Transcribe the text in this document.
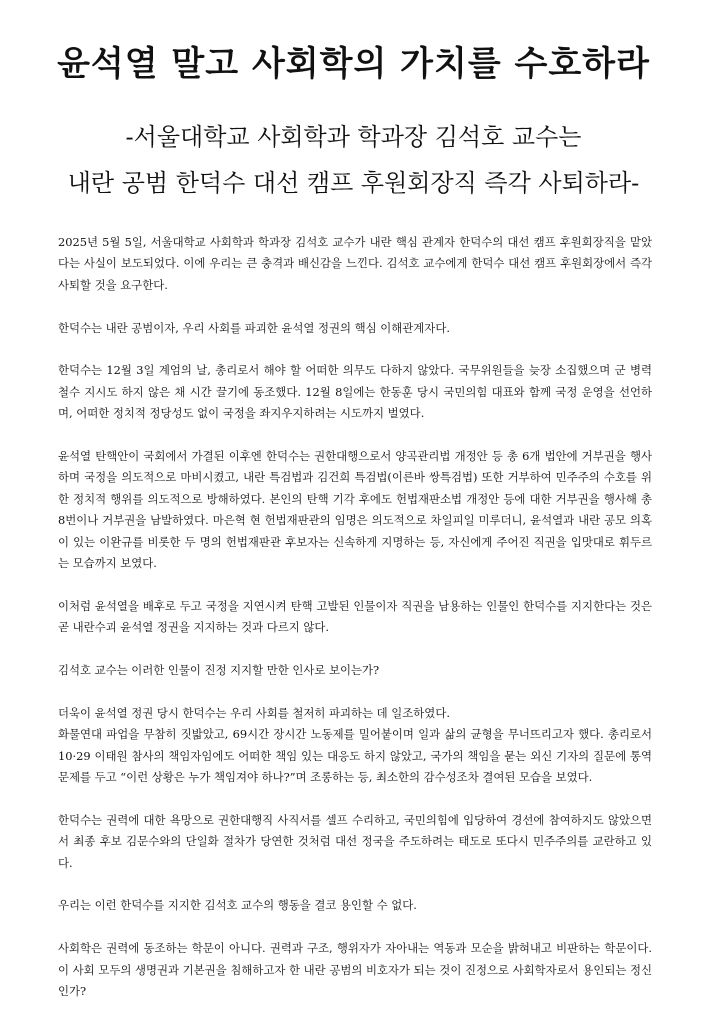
윤석열 말고 사회학의 가치를 수호하라
-서울대학교 사회학과 학과장 김석호 교수는
내란 공범 한덕수 대선 캠프 후원회장직 즉각 사퇴하라-

2025년 5월 5일, 서울대학교 사회학과 학과장 김석호 교수가 내란 핵심 관계자 한덕수의 대선 캠프 후원회장직을 맡았다는 사실이 보도되었다. 이에 우리는 큰 충격과 배신감을 느낀다. 김석호 교수에게 한덕수 대선 캠프 후원회장에서 즉각 사퇴할 것을 요구한다.

한덕수는 내란 공범이자, 우리 사회를 파괴한 윤석열 정권의 핵심 이해관계자다.

한덕수는 12월 3일 계엄의 날, 총리로서 해야 할 어떠한 의무도 다하지 않았다. 국무위원들을 늦장 소집했으며 군 병력 철수 지시도 하지 않은 채 시간 끌기에 동조했다. 12월 8일에는 한동훈 당시 국민의힘 대표와 함께 국정 운영을 선언하며, 어떠한 정치적 정당성도 없이 국정을 좌지우지하려는 시도까지 벌였다.

윤석열 탄핵안이 국회에서 가결된 이후엔 한덕수는 권한대행으로서 양곡관리법 개정안 등 총 6개 법안에 거부권을 행사하며 국정을 의도적으로 마비시켰고, 내란 특검법과 김건희 특검법(이른바 쌍특검법) 또한 거부하여 민주주의 수호를 위한 정치적 행위를 의도적으로 방해하였다. 본인의 탄핵 기각 후에도 헌법재판소법 개정안 등에 대한 거부권을 행사해 총 8번이나 거부권을 남발하였다. 마은혁 현 헌법재판관의 임명은 의도적으로 차일피일 미루더니, 윤석열과 내란 공모 의혹이 있는 이완규를 비롯한 두 명의 헌법재판관 후보자는 신속하게 지명하는 등, 자신에게 주어진 직권을 입맛대로 휘두르는 모습까지 보였다.

이처럼 윤석열을 배후로 두고 국정을 지연시켜 탄핵 고발된 인물이자 직권을 남용하는 인물인 한덕수를 지지한다는 것은 곧 내란수괴 윤석열 정권을 지지하는 것과 다르지 않다.

김석호 교수는 이러한 인물이 진정 지지할 만한 인사로 보이는가?

더욱이 윤석열 정권 당시 한덕수는 우리 사회를 철저히 파괴하는 데 일조하였다.

화물연대 파업을 무참히 짓밟았고, 69시간 장시간 노동제를 밀어붙이며 일과 삶의 균형을 무너뜨리고자 했다. 총리로서 10·29 이태원 참사의 책임자임에도 어떠한 책임 있는 대응도 하지 않았고, 국가의 책임을 묻는 외신 기자의 질문에 통역 문제를 두고 “이런 상황은 누가 책임져야 하나?”며 조롱하는 등, 최소한의 감수성조차 결여된 모습을 보였다.

한덕수는 권력에 대한 욕망으로 권한대행직 사직서를 셀프 수리하고, 국민의힘에 입당하여 경선에 참여하지도 않았으면서 최종 후보 김문수와의 단일화 절차가 당연한 것처럼 대선 정국을 주도하려는 태도로 또다시 민주주의를 교란하고 있다.

우리는 이런 한덕수를 지지한 김석호 교수의 행동을 결코 용인할 수 없다.

사회학은 권력에 동조하는 학문이 아니다. 권력과 구조, 행위자가 자아내는 역동과 모순을 밝혀내고 비판하는 학문이다. 이 사회 모두의 생명권과 기본권을 침해하고자 한 내란 공범의 비호자가 되는 것이 진정으로 사회학자로서 용인되는 정신인가?
